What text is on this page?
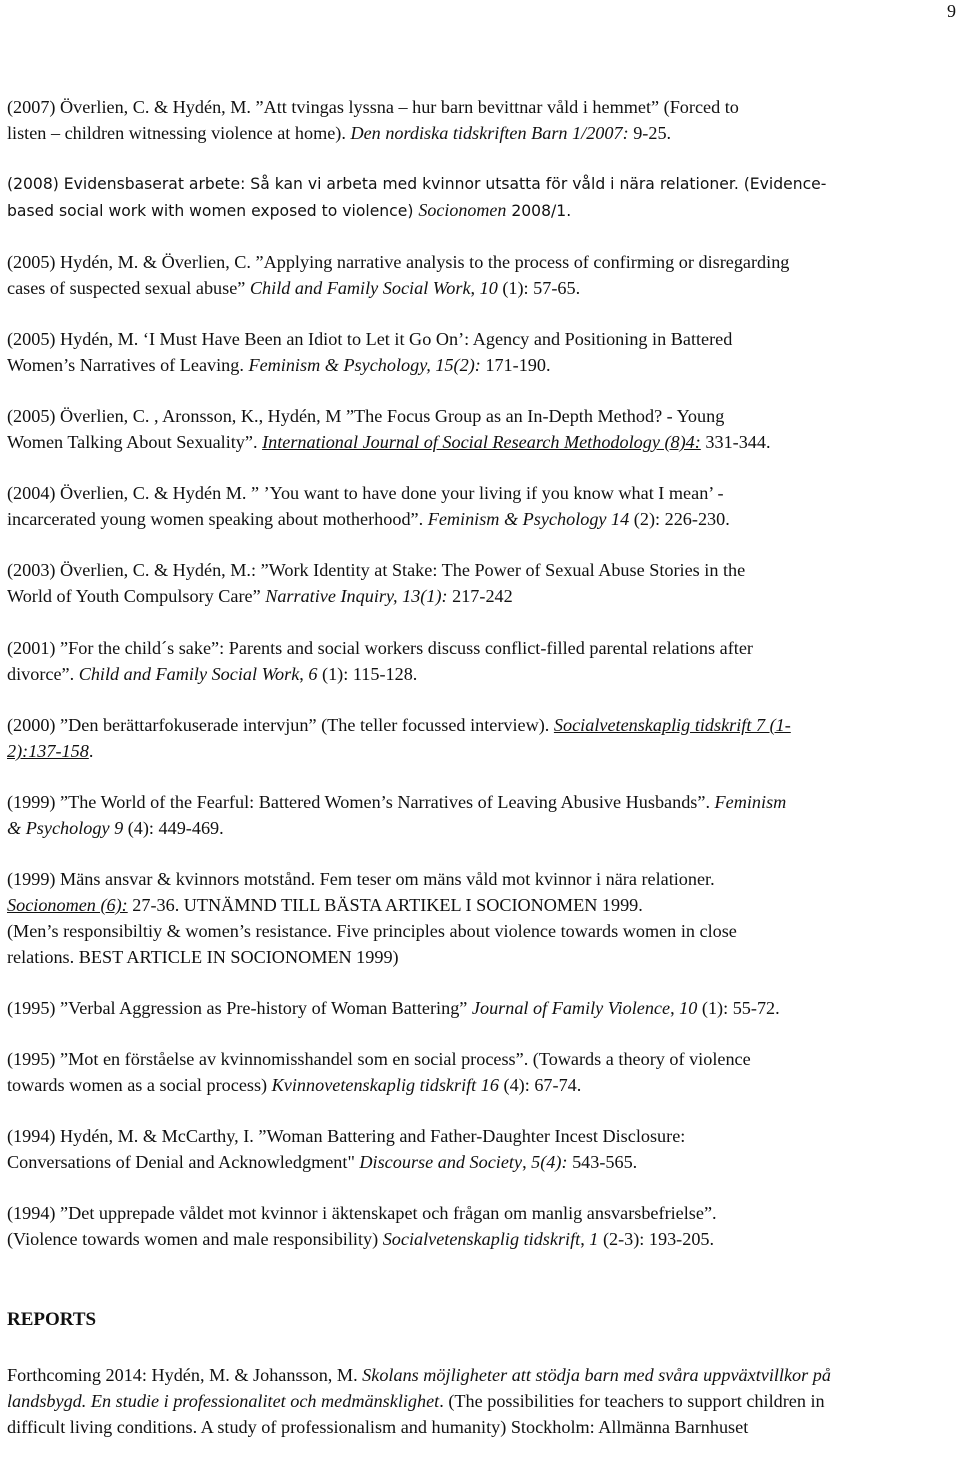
9
(2007) Överlien, C. & Hydén, M. ”Att tvingas lyssna – hur barn bevittnar våld i hemmet” (Forced to
listen – children witnessing violence at home). Den nordiska tidskriften Barn 1/2007: 9-25.
(2008) Evidensbaserat arbete: Så kan vi arbeta med kvinnor utsatta för våld i nära relationer. (Evidence-
based social work with women exposed to violence) Socionomen 2008/1.
(2005) Hydén, M. & Överlien, C. ”Applying narrative analysis to the process of confirming or disregarding
cases of suspected sexual abuse” Child and Family Social Work, 10 (1): 57-65.
(2005) Hydén, M. ‘I Must Have Been an Idiot to Let it Go On’: Agency and Positioning in Battered
Women’s Narratives of Leaving. Feminism & Psychology, 15(2): 171-190.
(2005) Överlien, C. , Aronsson, K., Hydén, M ”The Focus Group as an In-Depth Method? - Young
Women Talking About Sexuality”. International Journal of Social Research Methodology (8)4: 331-344.
(2004) Överlien, C. & Hydén M. ” ’You want to have done your living if you know what I mean’ -
incarcerated young women speaking about motherhood”. Feminism & Psychology 14 (2): 226-230.
(2003) Överlien, C. & Hydén, M.: ”Work Identity at Stake: The Power of Sexual Abuse Stories in the
World of Youth Compulsory Care” Narrative Inquiry, 13(1): 217-242
(2001) ”For the child´s sake”: Parents and social workers discuss conflict-filled parental relations after
divorce”. Child and Family Social Work, 6 (1): 115-128.
(2000) ”Den berättarfokuserade intervjun” (The teller focussed interview). Socialvetenskaplig tidskrift 7 (1-
2):137-158.
(1999) ”The World of the Fearful: Battered Women’s Narratives of Leaving Abusive Husbands”. Feminism
& Psychology 9 (4): 449-469.
(1999) Mäns ansvar & kvinnors motstånd. Fem teser om mäns våld mot kvinnor i nära relationer.
Socionomen (6): 27-36. UTNÄMND TILL BÄSTA ARTIKEL I SOCIONOMEN 1999.
(Men’s responsibiltiy & women’s resistance. Five principles about violence towards women in close
relations. BEST ARTICLE IN SOCIONOMEN 1999)
(1995) ”Verbal Aggression as Pre-history of Woman Battering” Journal of Family Violence, 10 (1): 55-72.
(1995) ”Mot en förståelse av kvinnomisshandel som en social process”. (Towards a theory of violence
towards women as a social process) Kvinnovetenskaplig tidskrift 16 (4): 67-74.
(1994) Hydén, M. & McCarthy, I. ”Woman Battering and Father-Daughter Incest Disclosure:
Conversations of Denial and Acknowledgment" Discourse and Society, 5(4): 543-565.
(1994) ”Det upprepade våldet mot kvinnor i äktenskapet och frågan om manlig ansvarsbefrielse”.
(Violence towards women and male responsibility) Socialvetenskaplig tidskrift, 1 (2-3): 193-205.
REPORTS
Forthcoming 2014: Hydén, M. & Johansson, M. Skolans möjligheter att stödja barn med svåra uppväxtvillkor på
landsbygd. En studie i professionalitet och medmänsklighet. (The possibilities for teachers to support children in
difficult living conditions. A study of professionalism and humanity) Stockholm: Allmänna Barnhuset
